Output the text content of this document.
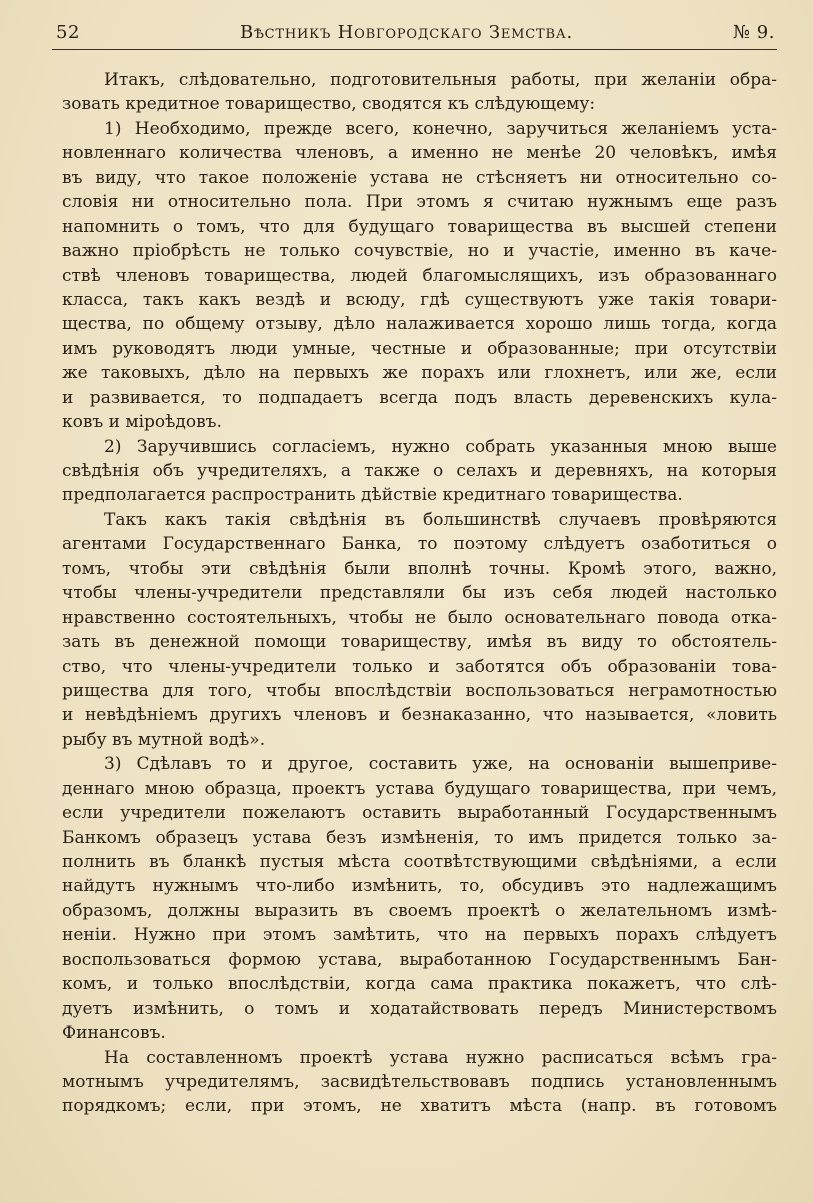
52	Вѣстникъ Новгородскаго Земства.	№ 9.
Итакъ, слѣдовательно, подготовительныя работы, при желаніи обра-
зовать кредитное товарищество, сводятся къ слѣдующему:
1) Необходимо, прежде всего, конечно, заручиться желаніемъ уста-
новленнаго количества членовъ, а именно не менѣе 20 человѣкъ, имѣя
въ виду, что такое положеніе устава не стѣсняетъ ни относительно со-
словія ни относительно пола. При этомъ я считаю нужнымъ еще разъ
напомнить о томъ, что для будущаго товарищества въ высшей степени
важно пріобрѣсть не только сочувствіе, но и участіе, именно въ каче-
ствѣ членовъ товарищества, людей благомыслящихъ, изъ образованнаго
класса, такъ какъ вездѣ и всюду, гдѣ существуютъ уже такія товари-
щества, по общему отзыву, дѣло налаживается хорошо лишь тогда, когда
имъ руководятъ люди умные, честные и образованные; при отсутствіи
же таковыхъ, дѣло на первыхъ же порахъ или глохнетъ, или же, если
и развивается, то подпадаетъ всегда подъ власть деревенскихъ кула-
ковъ и міроѣдовъ.
2) Заручившись согласіемъ, нужно собрать указанныя мною выше
свѣдѣнія объ учредителяхъ, а также о селахъ и деревняхъ, на которыя
предполагается распространить дѣйствіе кредитнаго товарищества.
Такъ какъ такія свѣдѣнія въ большинствѣ случаевъ провѣряются
агентами Государственнаго Банка, то поэтому слѣдуетъ озаботиться о
томъ, чтобы эти свѣдѣнія были вполнѣ точны. Кромѣ этого, важно,
чтобы члены-учредители представляли бы изъ себя людей настолько
нравственно состоятельныхъ, чтобы не было основательнаго повода отка-
зать въ денежной помощи товариществу, имѣя въ виду то обстоятель-
ство, что члены-учредители только и заботятся объ образованіи това-
рищества для того, чтобы впослѣдствіи воспользоваться неграмотностью
и невѣдѣніемъ другихъ членовъ и безнаказанно, что называется, «ловить
рыбу въ мутной водѣ».
3) Сдѣлавъ то и другое, составить уже, на основаніи вышеприве-
деннаго мною образца, проектъ устава будущаго товарищества, при чемъ,
если учредители пожелаютъ оставить выработанный Государственнымъ
Банкомъ образецъ устава безъ измѣненія, то имъ придется только за-
полнить въ бланкѣ пустыя мѣста соотвѣтствующими свѣдѣніями, а если
найдутъ нужнымъ что-либо измѣнить, то, обсудивъ это надлежащимъ
образомъ, должны выразить въ своемъ проектѣ о желательномъ измѣ-
неніи. Нужно при этомъ замѣтить, что на первыхъ порахъ слѣдуетъ
воспользоваться формою устава, выработанною Государственнымъ Бан-
комъ, и только впослѣдствіи, когда сама практика покажетъ, что слѣ-
дуетъ измѣнить, о томъ и ходатайствовать передъ Министерствомъ
Финансовъ.
На составленномъ проектѣ устава нужно расписаться всѣмъ гра-
мотнымъ учредителямъ, засвидѣтельствовавъ подпись установленнымъ
порядкомъ; если, при этомъ, не хватитъ мѣста (напр. въ готовомъ
